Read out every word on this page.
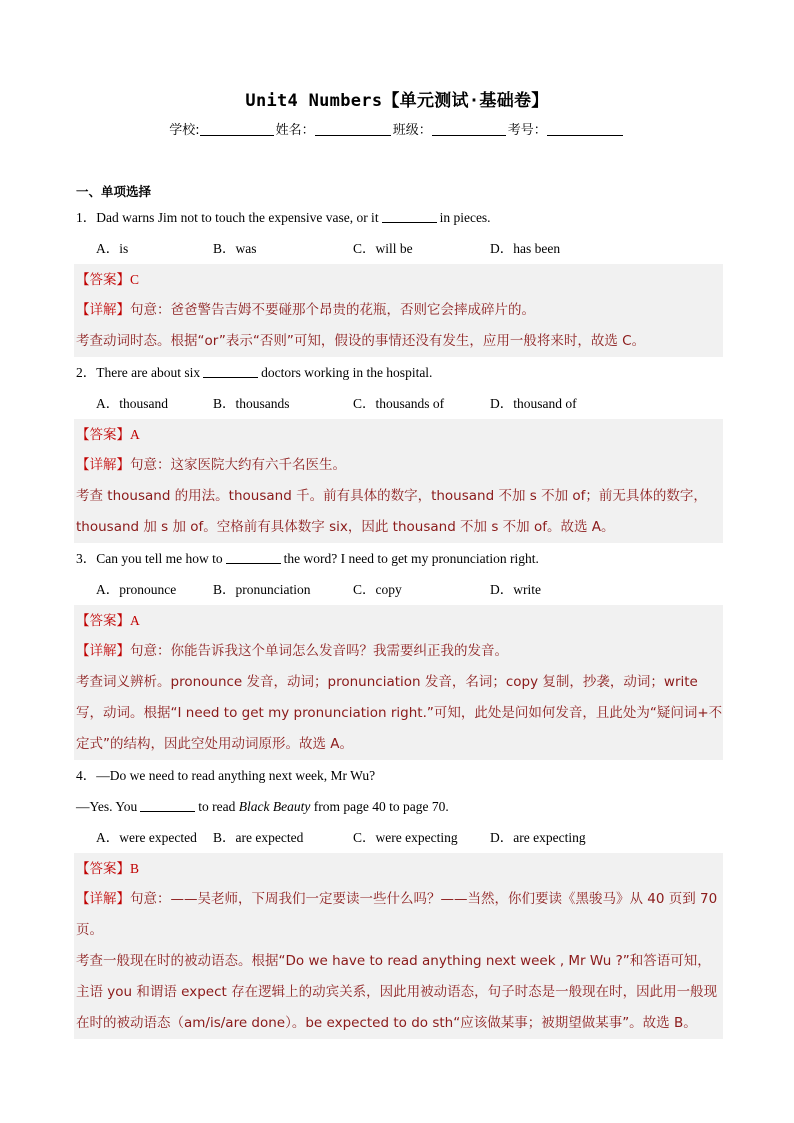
Unit4 Numbers【单元测试·基础卷】
学校:	姓名：	班级：	考号：
一、单项选择
1．Dad warns Jim not to touch the expensive vase, or it	in pieces.
A．is	B．was	C．will be	D．has been
【答案】C
【详解】句意：爸爸警告吉姆不要碰那个昂贵的花瓶，否则它会摔成碎片的。
考查动词时态。根据“or”表示“否则”可知，假设的事情还没有发生，应用一般将来时，故选 C。
2．There are about six	doctors working in the hospital.
A．thousand	B．thousands	C．thousands of	D．thousand of
【答案】A
【详解】句意：这家医院大约有六千名医生。
考查 thousand 的用法。thousand 千。前有具体的数字，thousand 不加 s 不加 of；前无具体的数字，thousand 加 s 加 of。空格前有具体数字 six，因此 thousand 不加 s 不加 of。故选 A。
3．Can you tell me how to	the word? I need to get my pronunciation right.
A．pronounce	B．pronunciation	C．copy	D．write
【答案】A
【详解】句意：你能告诉我这个单词怎么发音吗？我需要纠正我的发音。
考查词义辨析。pronounce 发音，动词；pronunciation 发音，名词；copy 复制，抄袭，动词；write 写，动词。根据“I need to get my pronunciation right.”可知，此处是问如何发音，且此处为“疑问词+不定式”的结构，因此空处用动词原形。故选 A。
4．—Do we need to read anything next week, Mr Wu?
—Yes. You	to read Black Beauty from page 40 to page 70.
A．were expected	B．are expected	C．were expecting	D．are expecting
【答案】B
【详解】句意：——吴老师，下周我们一定要读一些什么吗？——当然，你们要读《黑骏马》从 40 页到 70 页。
考查一般现在时的被动语态。根据“Do we have to read anything next week , Mr Wu ?”和答语可知，主语 you 和谓语 expect 存在逻辑上的动宾关系，因此用被动语态，句子时态是一般现在时，因此用一般现在时的被动语态（am/is/are done）。be expected to do sth“应该做某事；被期望做某事”。故选 B。
